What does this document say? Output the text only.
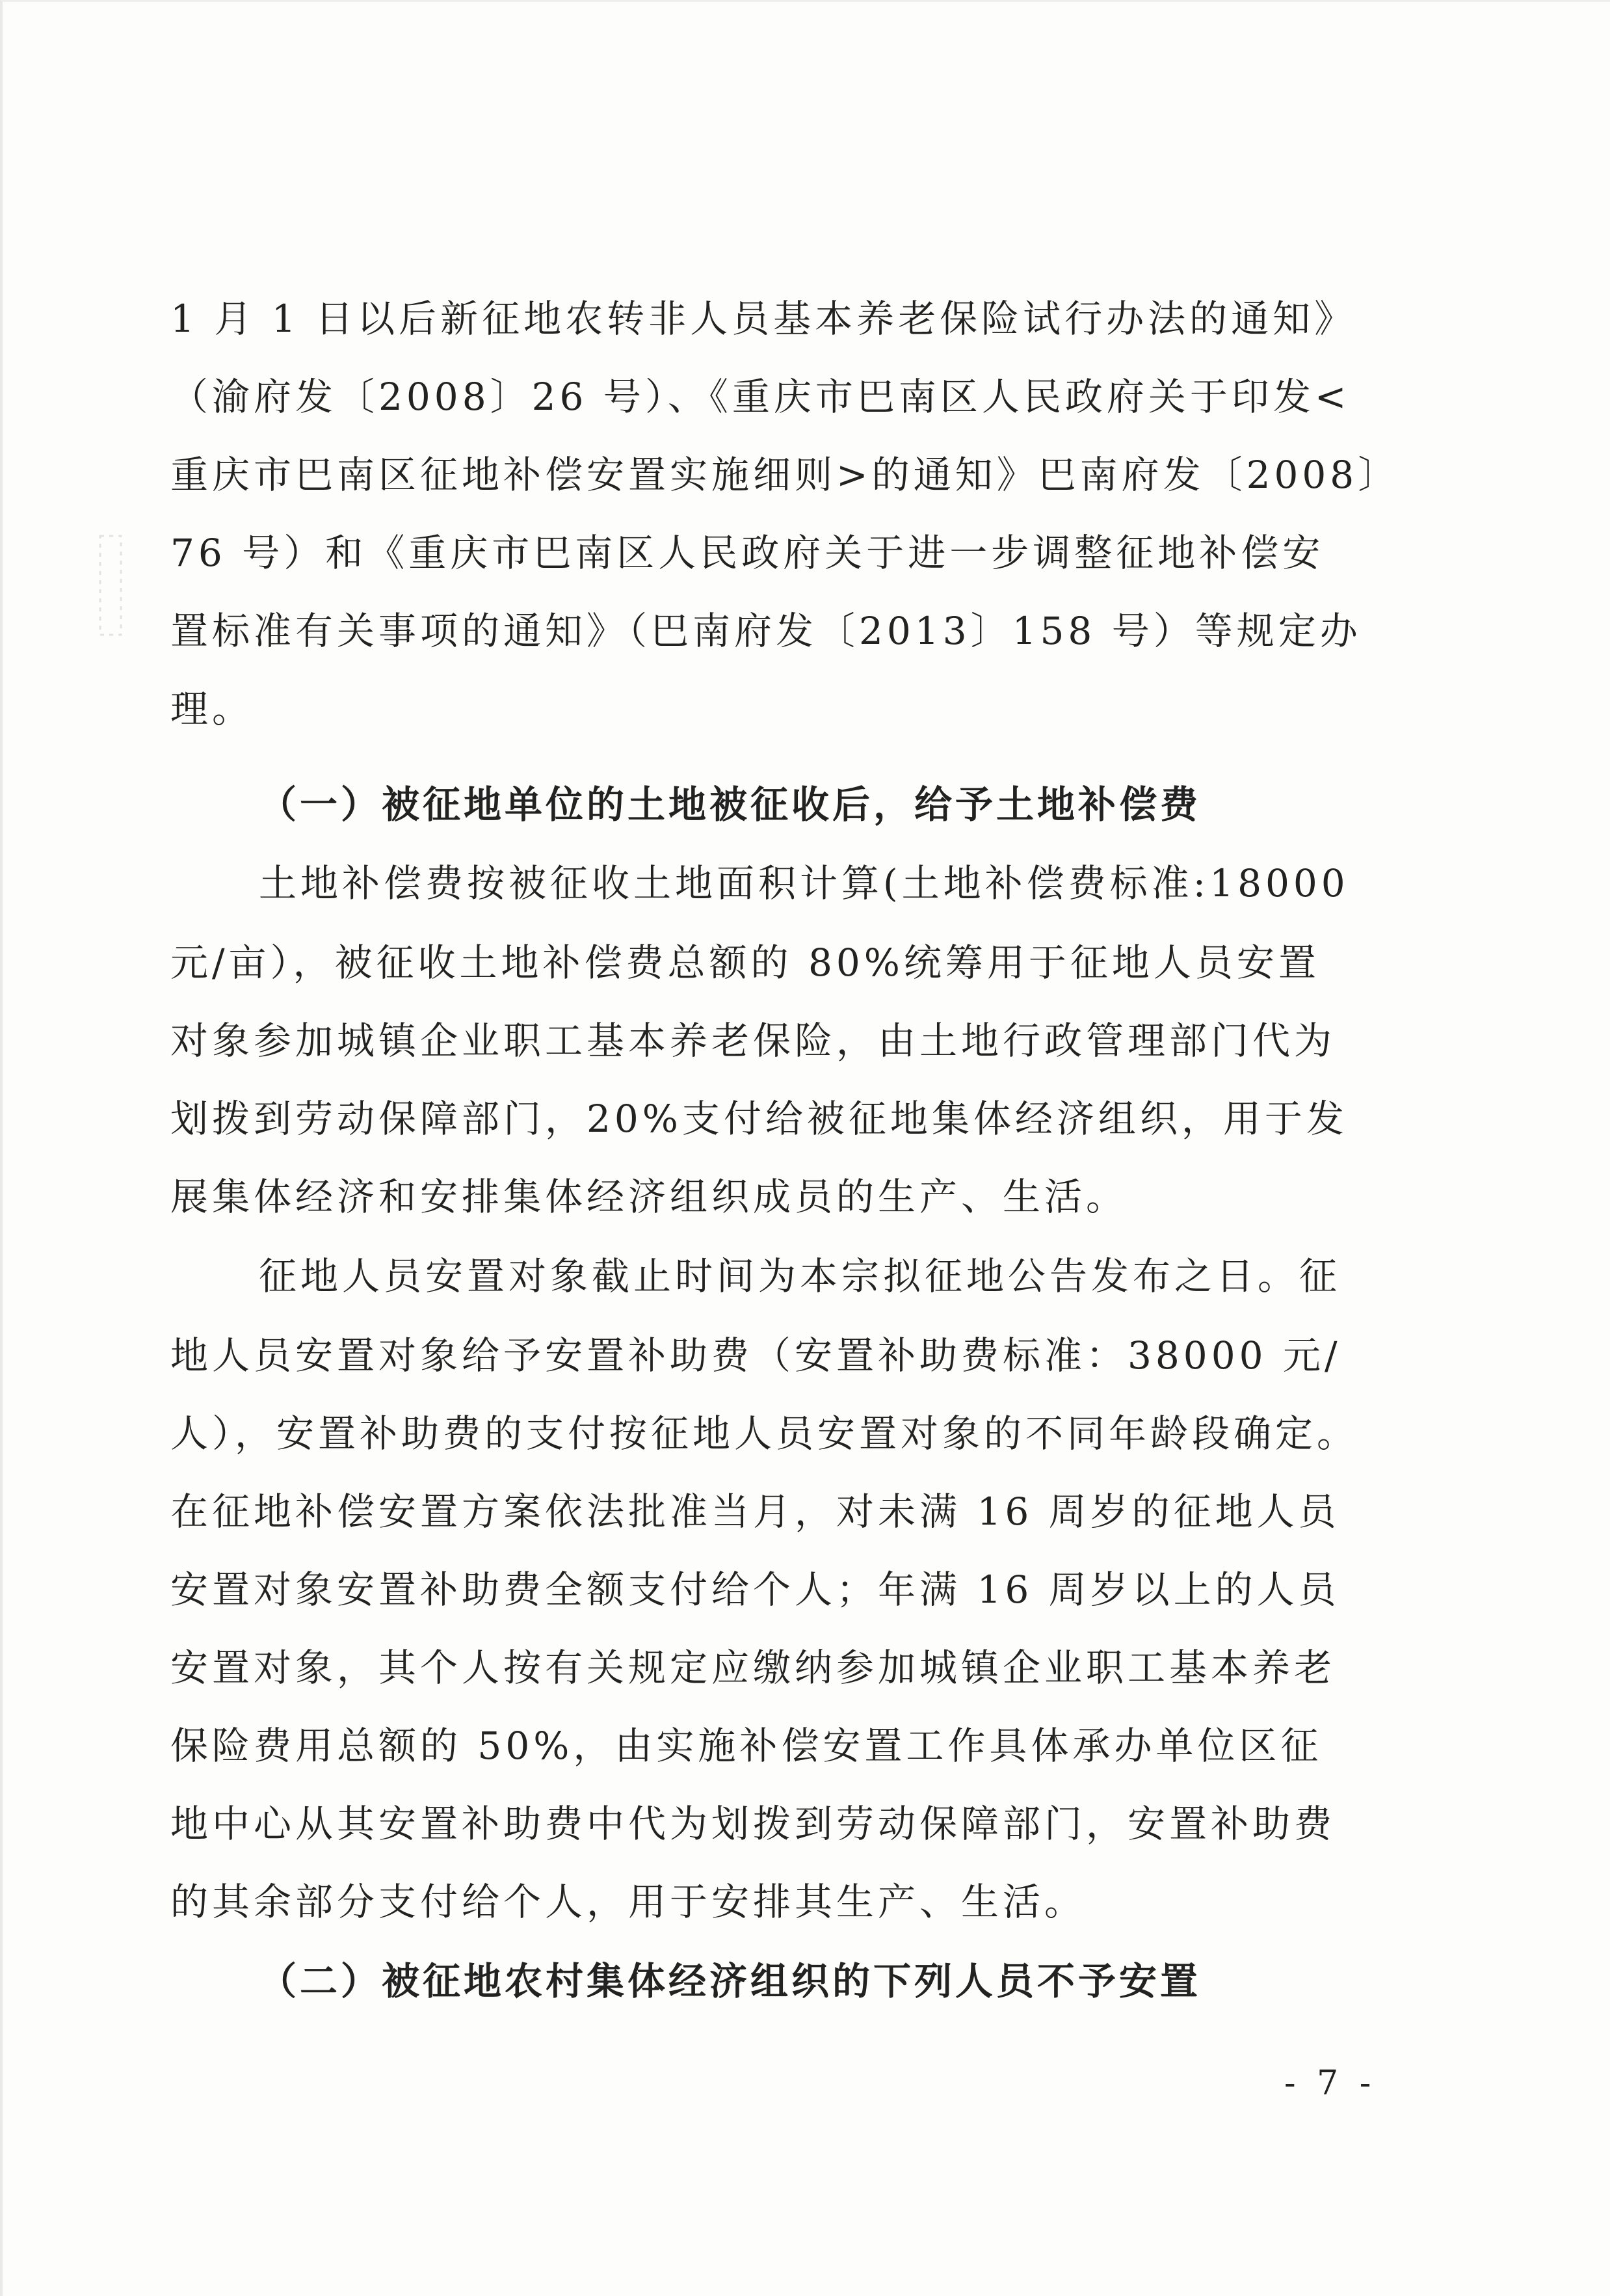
1 月 1 日以后新征地农转非人员基本养老保险试行办法的通知》

（渝府发〔2008〕26 号）、《重庆市巴南区人民政府关于印发<

重庆市巴南区征地补偿安置实施细则>的通知》巴南府发〔2008〕

76 号）和《重庆市巴南区人民政府关于进一步调整征地补偿安

置标准有关事项的通知》（巴南府发〔2013〕158 号）等规定办

理。

（一）被征地单位的土地被征收后，给予土地补偿费

土地补偿费按被征收土地面积计算(土地补偿费标准:18000

元/亩），被征收土地补偿费总额的 80%统筹用于征地人员安置

对象参加城镇企业职工基本养老保险，由土地行政管理部门代为

划拨到劳动保障部门，20%支付给被征地集体经济组织，用于发

展集体经济和安排集体经济组织成员的生产、生活。

征地人员安置对象截止时间为本宗拟征地公告发布之日。征

地人员安置对象给予安置补助费（安置补助费标准：38000 元/

人），安置补助费的支付按征地人员安置对象的不同年龄段确定。

在征地补偿安置方案依法批准当月，对未满 16 周岁的征地人员

安置对象安置补助费全额支付给个人；年满 16 周岁以上的人员

安置对象，其个人按有关规定应缴纳参加城镇企业职工基本养老

保险费用总额的 50%，由实施补偿安置工作具体承办单位区征

地中心从其安置补助费中代为划拨到劳动保障部门，安置补助费

的其余部分支付给个人，用于安排其生产、生活。

（二）被征地农村集体经济组织的下列人员不予安置

- 7 -
